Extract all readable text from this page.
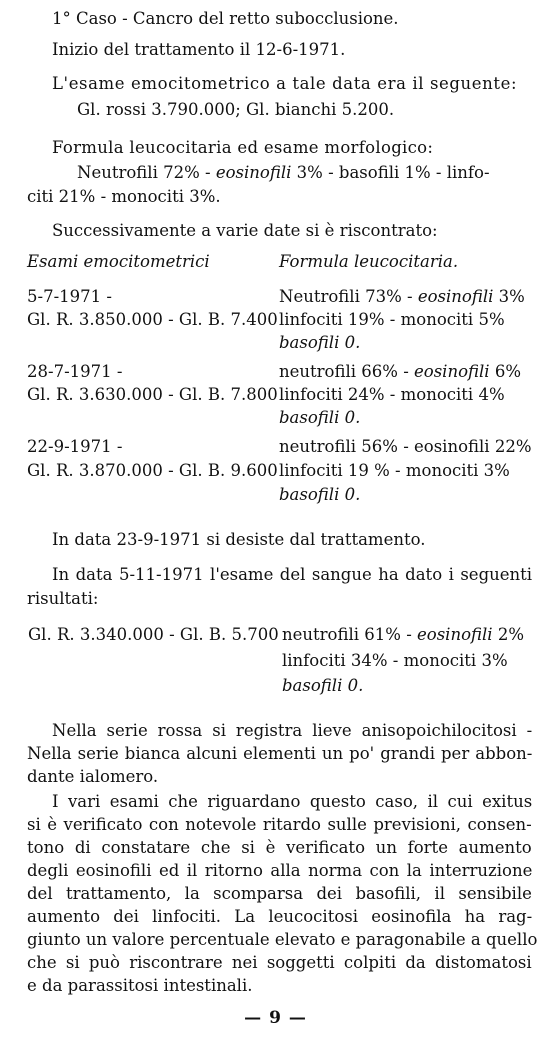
1° Caso - Cancro del retto subocclusione.
Inizio del trattamento il 12-6-1971.
L'esame emocitometrico a tale data era il seguente:
Gl. rossi 3.790.000; Gl. bianchi 5.200.
Formula leucocitaria ed esame morfologico:
Neutrofili 72% - eosinofili 3% - basofili 1% - linfo-
citi 21% - monociti 3%.
Successivamente a varie date si è riscontrato:
Esami emocitometrici	Formula leucocitaria.
5-7-1971 -	Neutrofili 73% - eosinofili 3%
Gl. R. 3.850.000 - Gl. B. 7.400 linfociti 19% - monociti 5%
basofili 0.
28-7-1971 -	neutrofili 66% - eosinofili 6%
Gl. R. 3.630.000 - Gl. B. 7.800 linfociti 24% - monociti 4%
basofili 0.
22-9-1971 -	neutrofili 56% - eosinofili 22%
Gl. R. 3.870.000 - Gl. B. 9.600 linfociti 19 % - monociti 3%
basofili 0.
In data 23-9-1971 si desiste dal trattamento.
In data 5-11-1971 l'esame del sangue ha dato i seguenti
risultati:
Gl. R. 3.340.000 - Gl. B. 5.700 neutrofili 61% - eosinofili 2%
linfociti 34% - monociti 3%
basofili 0.
Nella serie rossa si registra lieve anisopoichilocitosi -
Nella serie bianca alcuni elementi un po' grandi per abbon-
dante ialomero.
I vari esami che riguardano questo caso, il cui exitus
si è verificato con notevole ritardo sulle previsioni, consen-
tono di constatare che si è verificato un forte aumento
degli eosinofili ed il ritorno alla norma con la interruzione
del trattamento, la scomparsa dei basofili, il sensibile
aumento dei linfociti. La leucocitosi eosinofila ha rag-
giunto un valore percentuale elevato e paragonabile a quello
che si può riscontrare nei soggetti colpiti da distomatosi
e da parassitosi intestinali.
— 9 —
